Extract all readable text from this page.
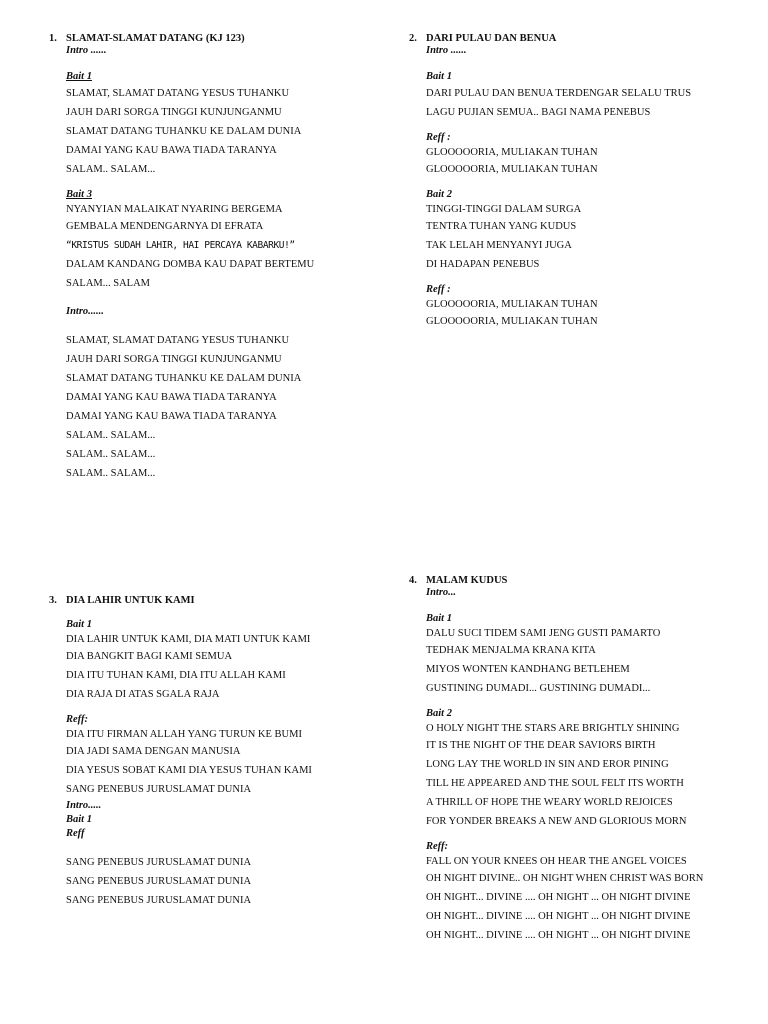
1. SLAMAT-SLAMAT DATANG (KJ 123)
Intro ......
Bait 1
SLAMAT, SLAMAT DATANG YESUS TUHANKU
JAUH DARI SORGA TINGGI KUNJUNGANMU
SLAMAT DATANG TUHANKU KE DALAM DUNIA
DAMAI YANG KAU BAWA TIADA TARANYA
SALAM.. SALAM...
Bait 3
NYANYIAN MALAIKAT NYARING BERGEMA
GEMBALA MENDENGARNYA DI EFRATA
“KRISTUS SUDAH LAHIR, HAI PERCAYA KABARKU!”
DALAM KANDANG DOMBA KAU DAPAT BERTEMU
SALAM... SALAM
Intro......
SLAMAT, SLAMAT DATANG YESUS TUHANKU
JAUH DARI SORGA TINGGI KUNJUNGANMU
SLAMAT DATANG TUHANKU KE DALAM DUNIA
DAMAI YANG KAU BAWA TIADA TARANYA
DAMAI YANG KAU BAWA TIADA TARANYA
SALAM.. SALAM...
SALAM.. SALAM...
SALAM.. SALAM...
2. DARI PULAU DAN BENUA
Intro ......
Bait 1
DARI PULAU DAN BENUA TERDENGAR SELALU TRUS
LAGU PUJIAN SEMUA.. BAGI NAMA PENEBUS
Reff :
GLOOOOORIA, MULIAKAN TUHAN
GLOOOOORIA, MULIAKAN TUHAN
Bait 2
TINGGI-TINGGI DALAM SURGA
TENTRA TUHAN YANG KUDUS
TAK LELAH MENYANYI JUGA
DI HADAPAN PENEBUS
Reff :
GLOOOOORIA, MULIAKAN TUHAN
GLOOOOORIA, MULIAKAN TUHAN
3. DIA LAHIR UNTUK KAMI
Bait 1
DIA LAHIR UNTUK KAMI, DIA MATI UNTUK KAMI
DIA BANGKIT BAGI KAMI SEMUA
DIA ITU TUHAN KAMI, DIA ITU ALLAH KAMI
DIA RAJA DI ATAS SGALA RAJA
Reff:
DIA ITU FIRMAN ALLAH YANG TURUN KE BUMI
DIA JADI SAMA DENGAN MANUSIA
DIA YESUS SOBAT KAMI DIA YESUS TUHAN KAMI
SANG PENEBUS JURUSLAMAT DUNIA
Intro.....
Bait 1
Reff
SANG PENEBUS JURUSLAMAT DUNIA
SANG PENEBUS JURUSLAMAT DUNIA
SANG PENEBUS JURUSLAMAT DUNIA
4. MALAM KUDUS
Intro...
Bait 1
DALU SUCI TIDEM SAMI JENG GUSTI PAMARTO
TEDHAK MENJALMA KRANA KITA
MIYOS WONTEN KANDHANG BETLEHEM
GUSTINING DUMADI... GUSTINING DUMADI...
Bait 2
O HOLY NIGHT THE STARS ARE BRIGHTLY SHINING
IT IS THE NIGHT OF THE DEAR SAVIORS BIRTH
LONG LAY THE WORLD IN SIN AND EROR PINING
TILL HE APPEARED AND THE SOUL FELT ITS WORTH
A THRILL OF HOPE THE WEARY WORLD REJOICES
FOR YONDER BREAKS A NEW AND GLORIOUS MORN
Reff:
FALL ON YOUR KNEES OH HEAR THE ANGEL VOICES
OH NIGHT DIVINE.. OH NIGHT WHEN CHRIST WAS BORN
OH NIGHT... DIVINE .... OH NIGHT ... OH NIGHT DIVINE
OH NIGHT... DIVINE .... OH NIGHT ... OH NIGHT DIVINE
OH NIGHT... DIVINE .... OH NIGHT ... OH NIGHT DIVINE
